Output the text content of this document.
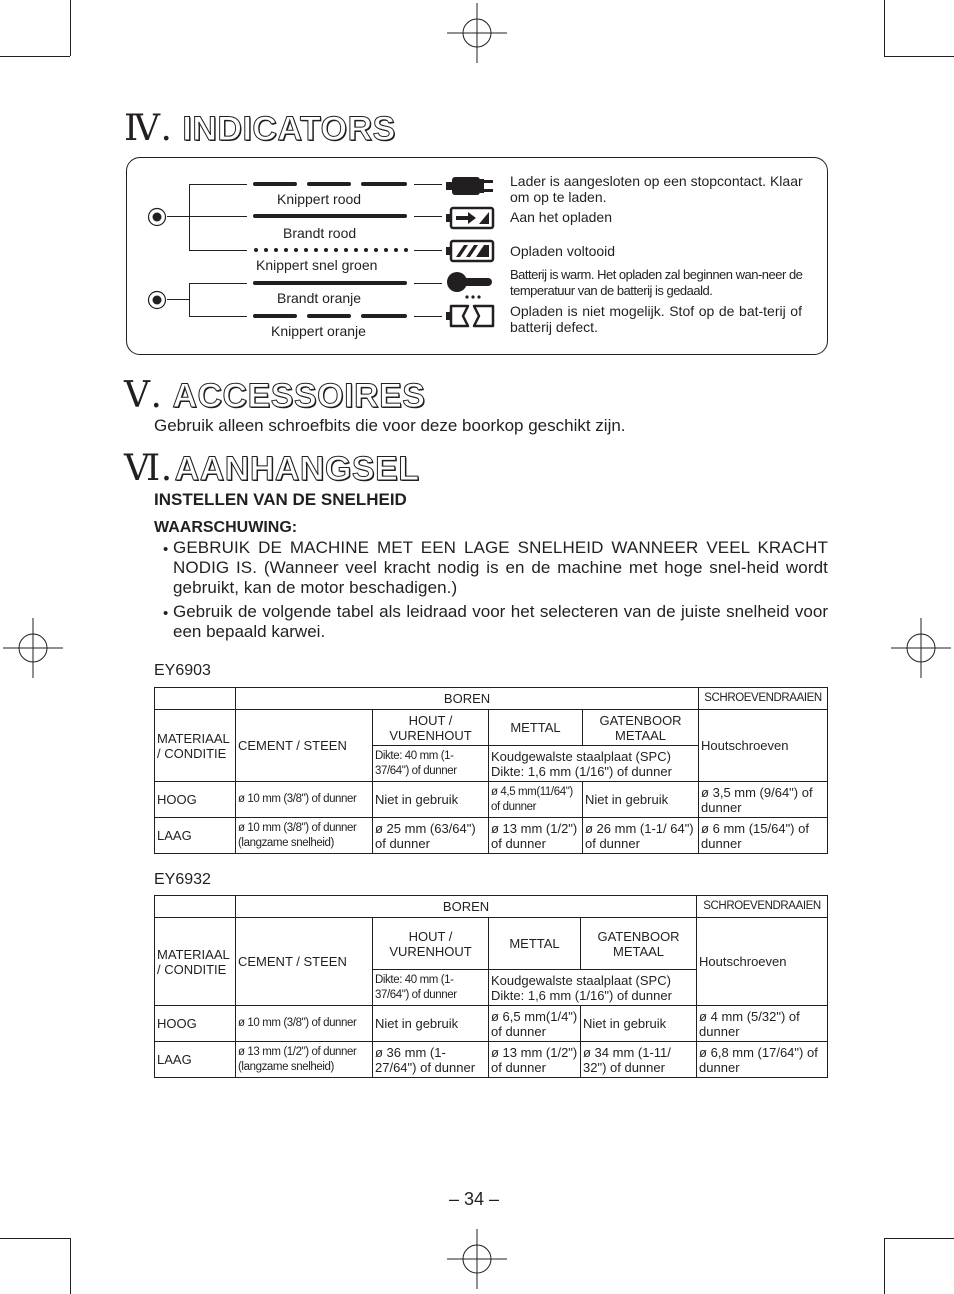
Ⅳ. INDICATORS
Knippert rood
Brandt rood
Knippert snel groen
Brandt oranje
Knippert oranje
Lader is aangesloten op een stopcontact. Klaar om op te laden.
Aan het opladen
Opladen voltooid
Batterij is warm. Het opladen zal beginnen wan-neer de temperatuur van de batterij is gedaald.
Opladen is niet mogelijk. Stof op de bat-terij of batterij defect.
Ⅴ. ACCESSOIRES
Gebruik alleen schroefbits die voor deze boorkop geschikt zijn.
Ⅵ.AANHANGSEL
INSTELLEN VAN DE SNELHEID
WAARSCHUWING:
• GEBRUIK DE MACHINE MET EEN LAGE SNELHEID WANNEER VEEL KRACHT NODIG IS. (Wanneer veel kracht nodig is en de machine met hoge snel-heid wordt gebruikt, kan de motor beschadigen.)
• Gebruik de volgende tabel als leidraad voor het selecteren van de juiste snelheid voor een bepaald karwei.
EY6903
	BOREN				SCHROEVENDRAAIEN
MATERIAAL / CONDITIE	CEMENT / STEEN	HOUT / VURENHOUT	METTAL	GATENBOOR METAAL	Houtschroeven
		Dikte: 40 mm (1-37/64") of dunner	Koudgewalste staalplaat (SPC) Dikte: 1,6 mm (1/16") of dunner		
HOOG	ø 10 mm (3/8") of dunner	Niet in gebruik	ø 4,5 mm(11/64") of dunner	Niet in gebruik	ø 3,5 mm (9/64") of dunner
LAAG	ø 10 mm (3/8") of dunner (langzame snelheid)	ø 25 mm (63/64") of dunner	ø 13 mm (1/2") of dunner	ø 26 mm (1-1/ 64") of dunner	ø 6 mm (15/64") of dunner
EY6932
	BOREN				SCHROEVENDRAAIEN
MATERIAAL / CONDITIE	CEMENT / STEEN	HOUT / VURENHOUT	METTAL	GATENBOOR METAAL	Houtschroeven
		Dikte: 40 mm (1-37/64") of dunner	Koudgewalste staalplaat (SPC) Dikte: 1,6 mm (1/16") of dunner		
HOOG	ø 10 mm (3/8") of dunner	Niet in gebruik	ø 6,5 mm(1/4") of dunner	Niet in gebruik	ø 4 mm (5/32") of dunner
LAAG	ø 13 mm (1/2") of dunner (langzame snelheid)	ø 36 mm (1-27/64") of dunner	ø 13 mm (1/2") of dunner	ø 34 mm (1-11/ 32") of dunner	ø 6,8 mm (17/64") of dunner
– 34 –
